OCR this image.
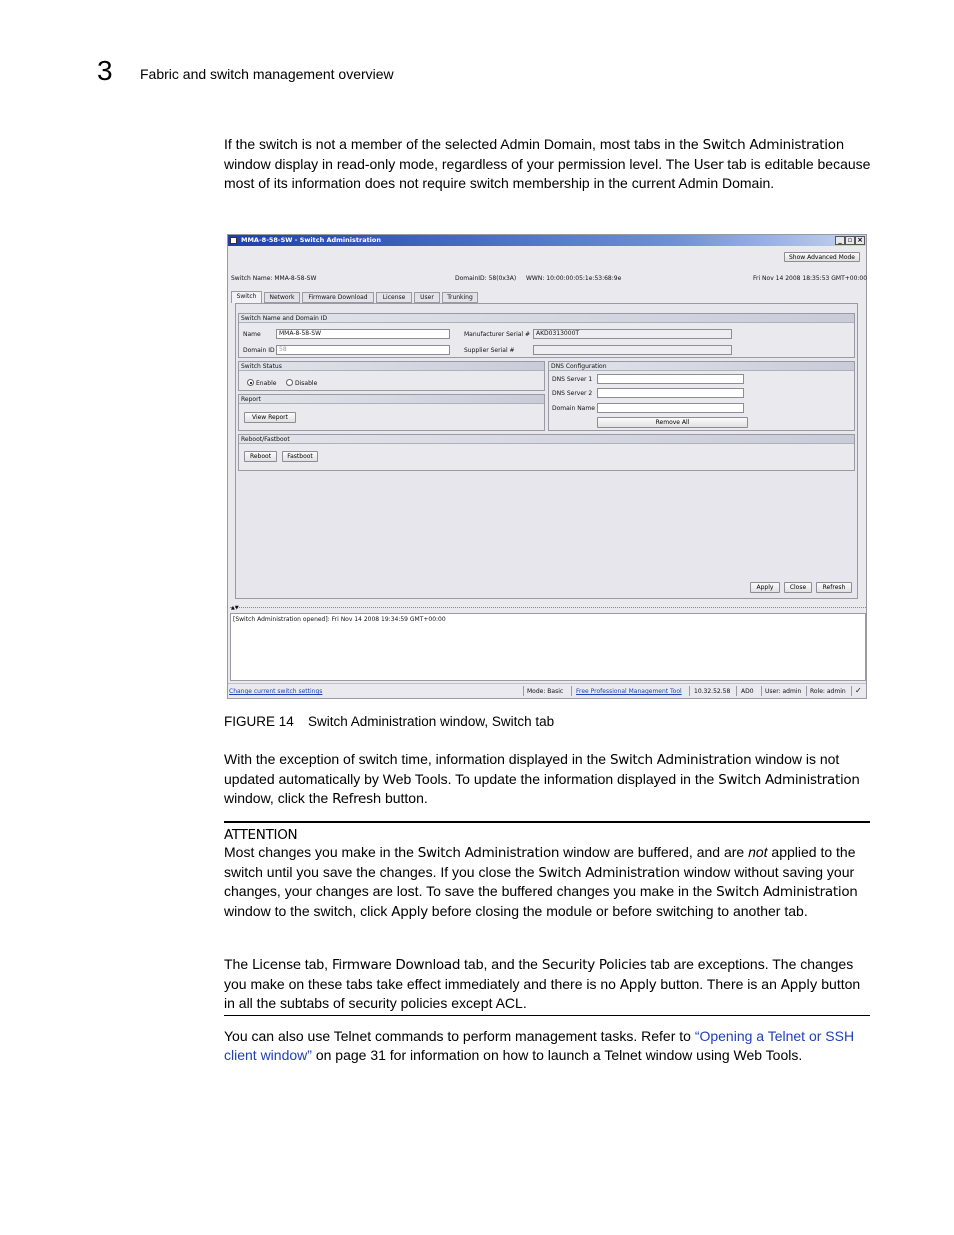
3 Fabric and switch management overview
If the switch is not a member of the selected Admin Domain, most tabs in the Switch Administration window display in read-only mode, regardless of your permission level. The User tab is editable because most of its information does not require switch membership in the current Admin Domain.
MMA-8-58-SW - Switch Administration	_ ▫ ×
Show Advanced Mode
Switch Name: MMA-8-58-SW	DomainID: 58(0x3A) WWN: 10:00:00:05:1e:53:68:9e	Fri Nov 14 2008 18:35:53 GMT+00:00
Switch	Network	Firmware Download	License	User	Trunking
Switch Name and Domain ID
Name	MMA-8-58-SW
Domain ID 58
Manufacturer Serial # AKD0313000T
Supplier Serial #
Switch Status
Enable	Disable
Report
View Report
DNS Configuration
DNS Server 1
DNS Server 2
Domain Name
Remove All
Reboot/Fastboot
Reboot	Fastboot
Apply	Close	Refresh
▲▼
[Switch Administration opened]: Fri Nov 14 2008 19:34:59 GMT+00:00
Change current switch settings	Mode: Basic Free Professional Management Tool 10.32.52.58 AD0 User: admin Role: admin ✓
FIGURE 14 Switch Administration window, Switch tab
With the exception of switch time, information displayed in the Switch Administration window is not updated automatically by Web Tools. To update the information displayed in the Switch Administration window, click the Refresh button.
ATTENTION
Most changes you make in the Switch Administration window are buffered, and are not applied to the switch until you save the changes. If you close the Switch Administration window without saving your changes, your changes are lost. To save the buffered changes you make in the Switch Administration window to the switch, click Apply before closing the module or before switching to another tab.
The License tab, Firmware Download tab, and the Security Policies tab are exceptions. The changes you make on these tabs take effect immediately and there is no Apply button. There is an Apply button in all the subtabs of security policies except ACL.
You can also use Telnet commands to perform management tasks. Refer to “Opening a Telnet or SSH client window” on page 31 for information on how to launch a Telnet window using Web Tools.
